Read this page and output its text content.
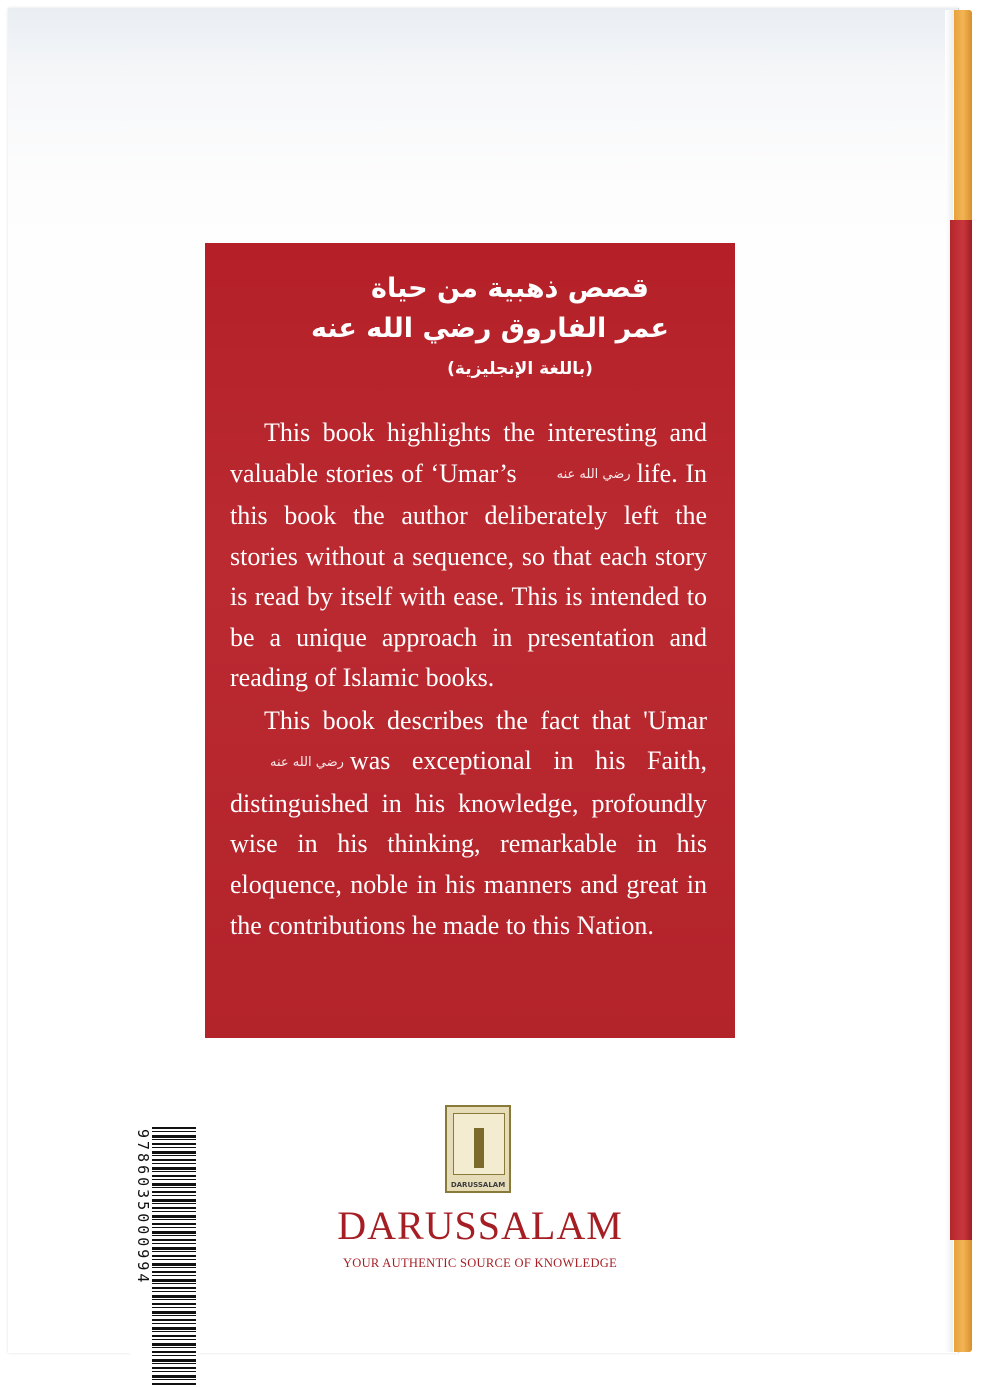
قصص ذهبية من حياة
عمر الفاروق رضي الله عنه
(باللغة الإنجليزية)

This book highlights the interesting and valuable stories of ‘Umar’s	رضي الله عنه life. In this book the author deliberately left the stories without a sequence, so that each story is read by itself with ease. This is intended to be a unique approach in presentation and reading of Islamic books.

This book describes the fact that 'Umar رضي الله عنه was exceptional in his Faith, distinguished in his knowledge, profoundly wise in his thinking, remarkable in his eloquence, noble in his manners and great in the contributions he made to this Nation.

9786035000994	DARUSSALAM
DARUSSALAM
YOUR AUTHENTIC SOURCE OF KNOWLEDGE
